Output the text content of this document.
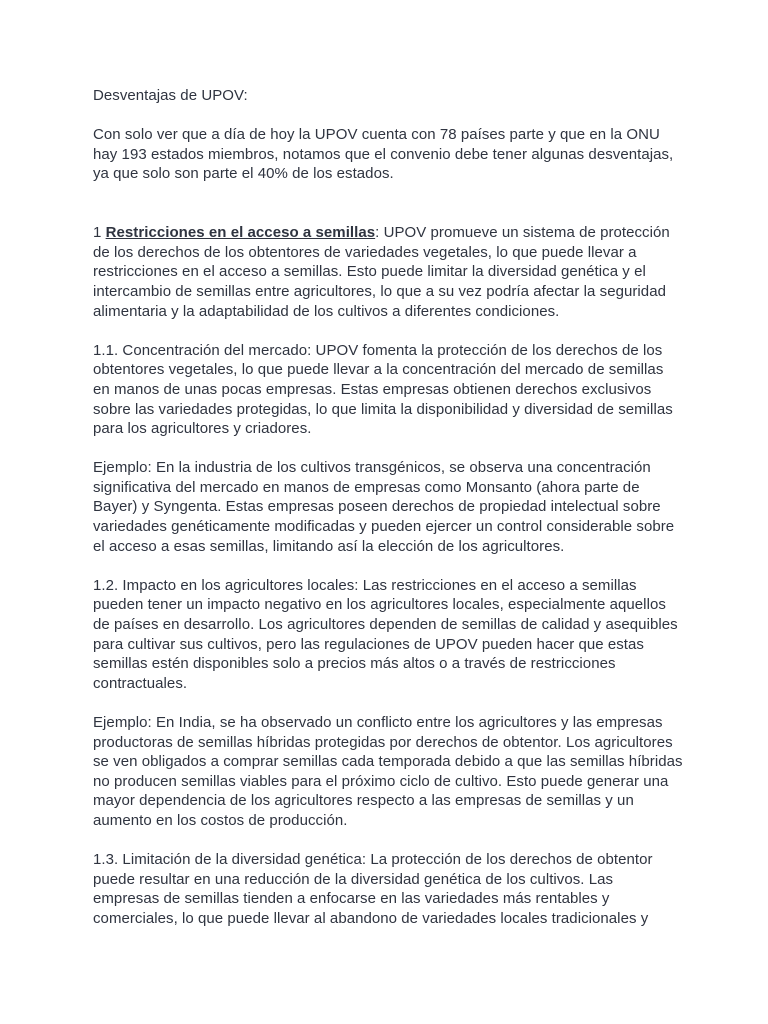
Desventajas de UPOV:

Con solo ver que a día de hoy la UPOV cuenta con 78 países parte y que en la ONU hay 193 estados miembros, notamos que el convenio debe tener algunas desventajas, ya que solo son parte el 40% de los estados.

1 Restricciones en el acceso a semillas: UPOV promueve un sistema de protección de los derechos de los obtentores de variedades vegetales, lo que puede llevar a restricciones en el acceso a semillas. Esto puede limitar la diversidad genética y el intercambio de semillas entre agricultores, lo que a su vez podría afectar la seguridad alimentaria y la adaptabilidad de los cultivos a diferentes condiciones.

1.1. Concentración del mercado: UPOV fomenta la protección de los derechos de los obtentores vegetales, lo que puede llevar a la concentración del mercado de semillas en manos de unas pocas empresas. Estas empresas obtienen derechos exclusivos sobre las variedades protegidas, lo que limita la disponibilidad y diversidad de semillas para los agricultores y criadores.

Ejemplo: En la industria de los cultivos transgénicos, se observa una concentración significativa del mercado en manos de empresas como Monsanto (ahora parte de Bayer) y Syngenta. Estas empresas poseen derechos de propiedad intelectual sobre variedades genéticamente modificadas y pueden ejercer un control considerable sobre el acceso a esas semillas, limitando así la elección de los agricultores.

1.2. Impacto en los agricultores locales: Las restricciones en el acceso a semillas pueden tener un impacto negativo en los agricultores locales, especialmente aquellos de países en desarrollo. Los agricultores dependen de semillas de calidad y asequibles para cultivar sus cultivos, pero las regulaciones de UPOV pueden hacer que estas semillas estén disponibles solo a precios más altos o a través de restricciones contractuales.

Ejemplo: En India, se ha observado un conflicto entre los agricultores y las empresas productoras de semillas híbridas protegidas por derechos de obtentor. Los agricultores se ven obligados a comprar semillas cada temporada debido a que las semillas híbridas no producen semillas viables para el próximo ciclo de cultivo. Esto puede generar una mayor dependencia de los agricultores respecto a las empresas de semillas y un aumento en los costos de producción.

1.3. Limitación de la diversidad genética: La protección de los derechos de obtentor puede resultar en una reducción de la diversidad genética de los cultivos. Las empresas de semillas tienden a enfocarse en las variedades más rentables y comerciales, lo que puede llevar al abandono de variedades locales tradicionales y
